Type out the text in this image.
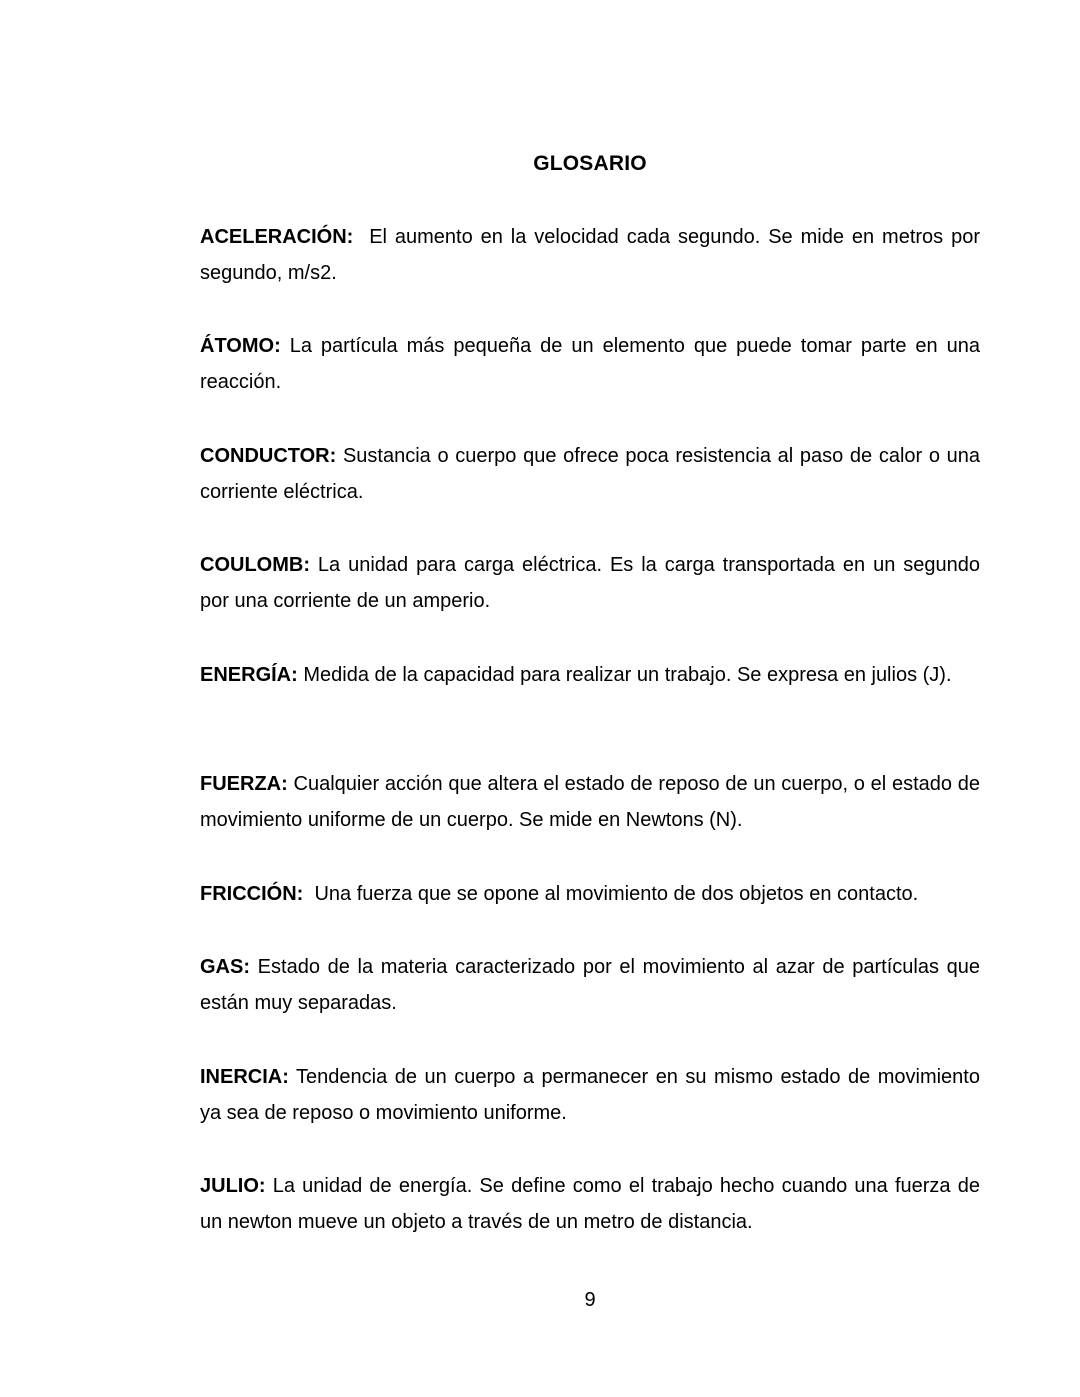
GLOSARIO
ACELERACIÓN: El aumento en la velocidad cada segundo. Se mide en metros por segundo, m/s2.
ÁTOMO: La partícula más pequeña de un elemento que puede tomar parte en una reacción.
CONDUCTOR: Sustancia o cuerpo que ofrece poca resistencia al paso de calor o una corriente eléctrica.
COULOMB: La unidad para carga eléctrica. Es la carga transportada en un segundo por una corriente de un amperio.
ENERGÍA: Medida de la capacidad para realizar un trabajo. Se expresa en julios (J).
FUERZA: Cualquier acción que altera el estado de reposo de un cuerpo, o el estado de movimiento uniforme de un cuerpo. Se mide en Newtons (N).
FRICCIÓN: Una fuerza que se opone al movimiento de dos objetos en contacto.
GAS: Estado de la materia caracterizado por el movimiento al azar de partículas que están muy separadas.
INERCIA: Tendencia de un cuerpo a permanecer en su mismo estado de movimiento ya sea de reposo o movimiento uniforme.
JULIO: La unidad de energía. Se define como el trabajo hecho cuando una fuerza de un newton mueve un objeto a través de un metro de distancia.
9
